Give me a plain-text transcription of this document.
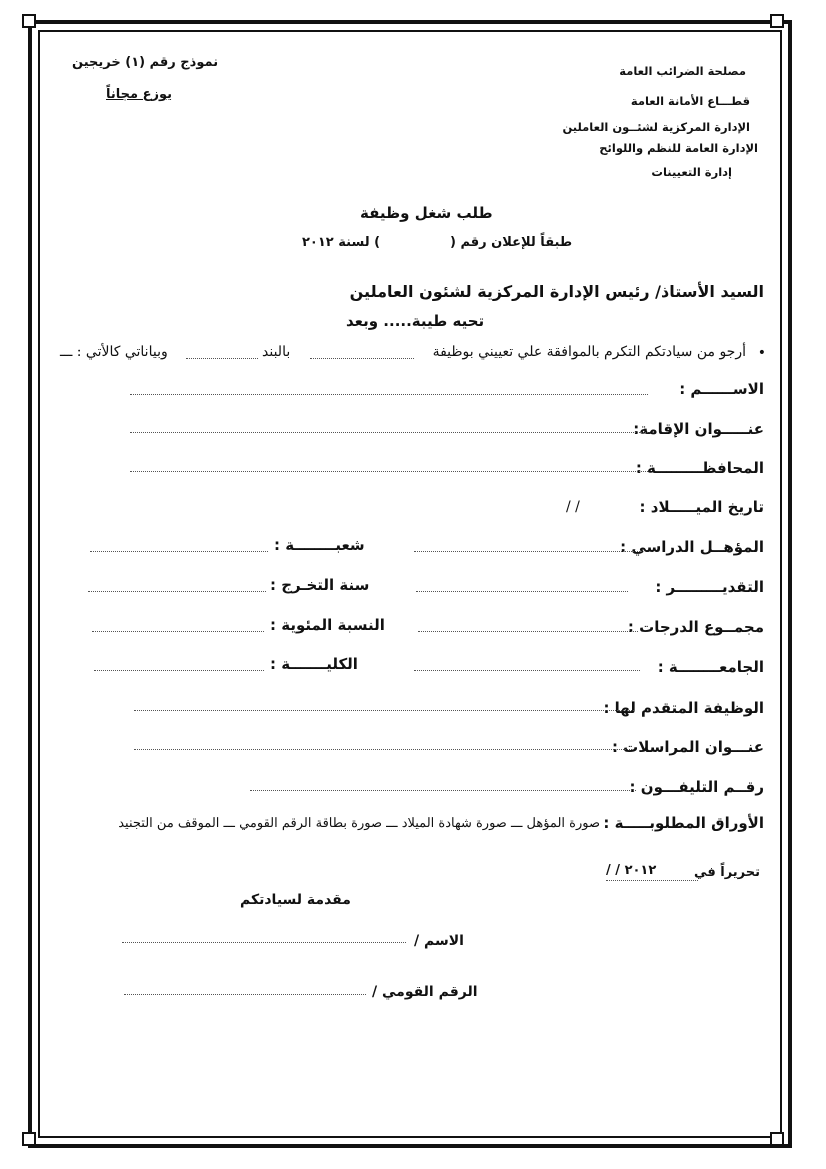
نموذج رقم (١) خريجين
يوزع مجاناً
مصلحة الضرائب العامة
قطـــاع الأمانة العامة
الإدارة المركزية لشئــون العاملين
الإدارة العامة للنظم واللوائح
إدارة التعيينات
طلب شغل وظيفة
طبقاً للإعلان رقم (
) لسنة ٢٠١٢
السيد الأستاذ/ رئيس الإدارة المركزية لشئون العاملين
تحيه طيبة..... وبعد
•
أرجو من سيادتكم التكرم بالموافقة علي تعييني بوظيفة
بالبند
وبياناتي كالأتي : ـــ
الاســــــم :
عنـــــوان الإقامة:
المحافظـــــــــة :
تاريخ الميـــــلاد :
/ /
المؤهــل الدراسي :
شعبــــــــة :
التقديـــــــــر :
سنة التخـرج :
مجمــوع الدرجات :
النسبة المئوية :
الجامعــــــــة :
الكليـــــــة :
الوظيفة المتقدم لها :
عنـــوان المراسلات :
رقــم التليفـــون :
الأوراق المطلوبـــــة :
صورة المؤهل ـــ صورة شهادة الميلاد ـــ صورة بطاقة الرقم القومي ـــ الموقف من التجنيد
تحريراً في
/ / ٢٠١٢
مقدمة لسيادتكم
الاسم /
الرقم القومي /
